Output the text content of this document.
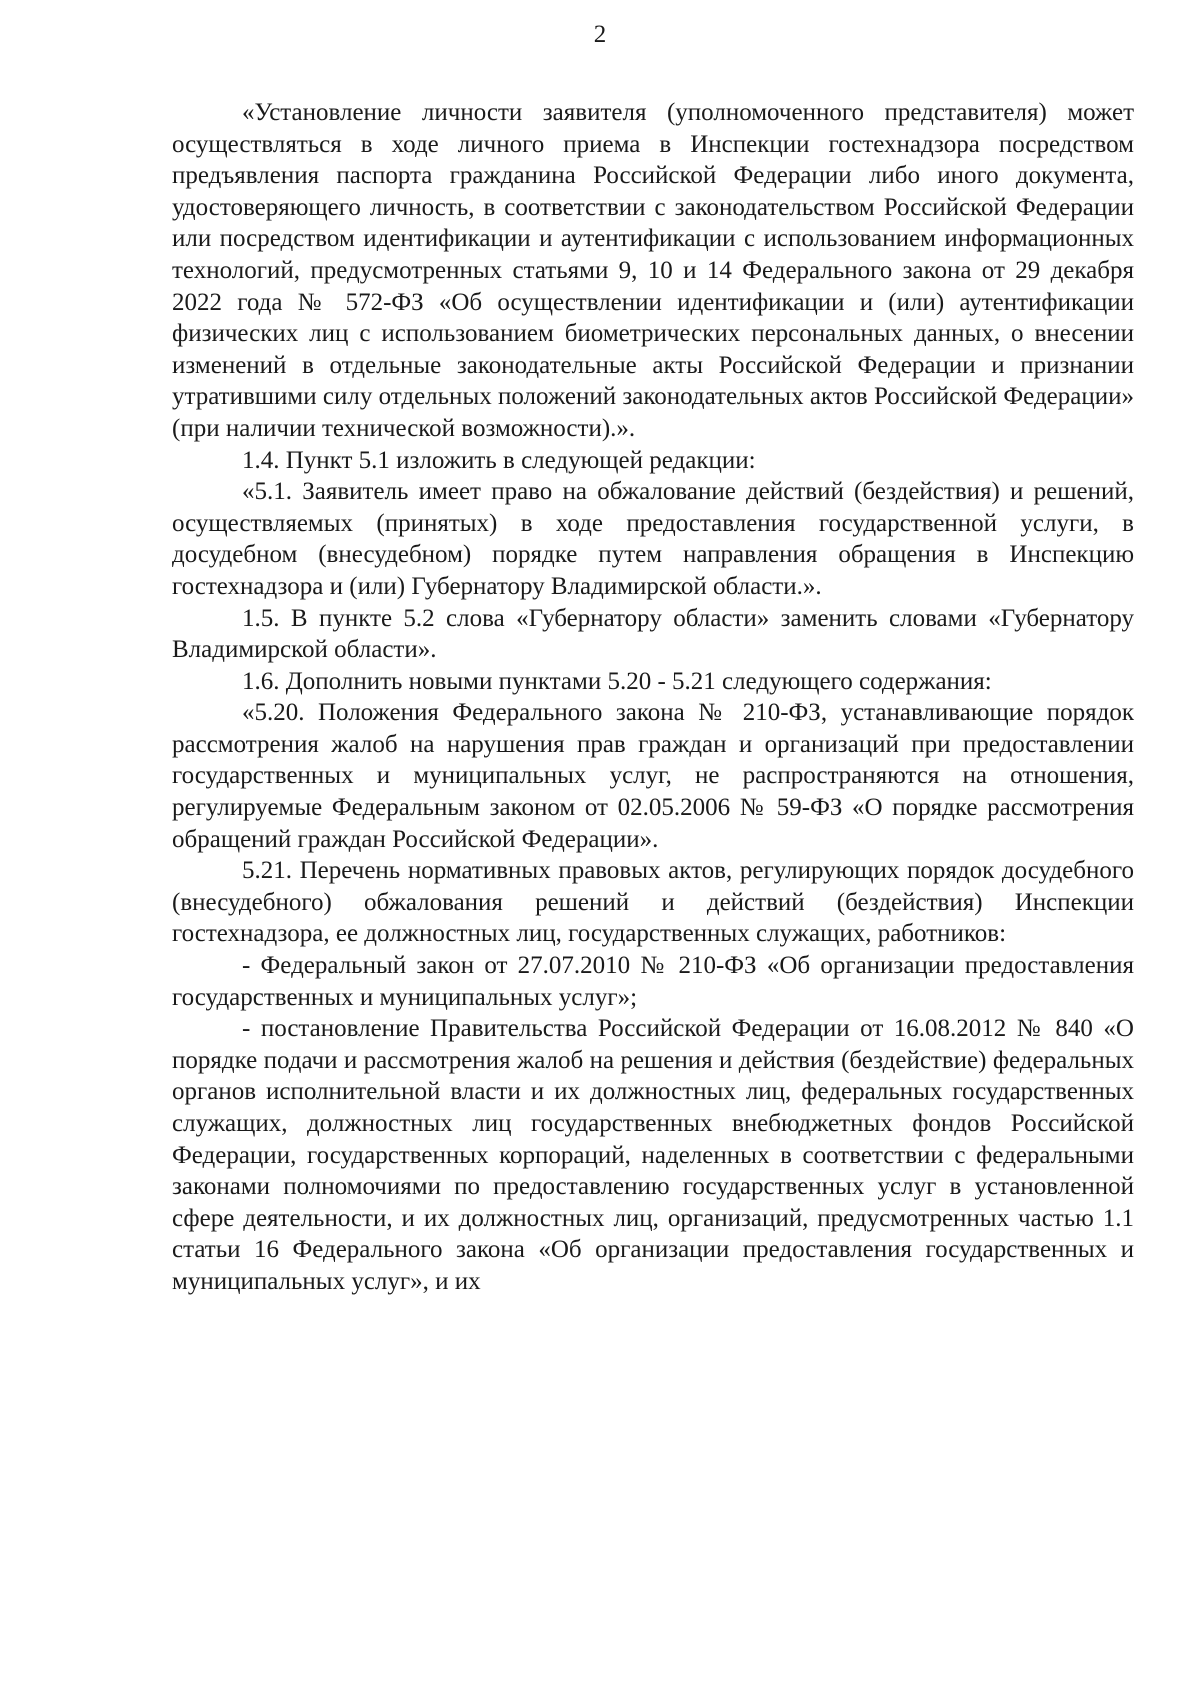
2

«Установление личности заявителя (уполномоченного представителя) может осуществляться в ходе личного приема в Инспекции гостехнадзора посредством предъявления паспорта гражданина Российской Федерации либо иного документа, удостоверяющего личность, в соответствии с законодательством Российской Федерации или посредством идентификации и аутентификации с использованием информационных технологий, предусмотренных статьями 9, 10 и 14 Федерального закона от 29 декабря 2022 года № 572-ФЗ «Об осуществлении идентификации и (или) аутентификации физических лиц с использованием биометрических персональных данных, о внесении изменений в отдельные законодательные акты Российской Федерации и признании утратившими силу отдельных положений законодательных актов Российской Федерации» (при наличии технической возможности).».

1.4. Пункт 5.1 изложить в следующей редакции:

«5.1. Заявитель имеет право на обжалование действий (бездействия) и решений, осуществляемых (принятых) в ходе предоставления государственной услуги, в досудебном (внесудебном) порядке путем направления обращения в Инспекцию гостехнадзора и (или) Губернатору Владимирской области.».

1.5. В пункте 5.2 слова «Губернатору области» заменить словами «Губернатору Владимирской области».

1.6. Дополнить новыми пунктами 5.20 - 5.21 следующего содержания:

«5.20. Положения Федерального закона № 210-ФЗ, устанавливающие порядок рассмотрения жалоб на нарушения прав граждан и организаций при предоставлении государственных и муниципальных услуг, не распространяются на отношения, регулируемые Федеральным законом от 02.05.2006 № 59-ФЗ «О порядке рассмотрения обращений граждан Российской Федерации».

5.21. Перечень нормативных правовых актов, регулирующих порядок досудебного (внесудебного) обжалования решений и действий (бездействия) Инспекции гостехнадзора, ее должностных лиц, государственных служащих, работников:

- Федеральный закон от 27.07.2010 № 210-ФЗ «Об организации предоставления государственных и муниципальных услуг»;

- постановление Правительства Российской Федерации от 16.08.2012 № 840 «О порядке подачи и рассмотрения жалоб на решения и действия (бездействие) федеральных органов исполнительной власти и их должностных лиц, федеральных государственных служащих, должностных лиц государственных внебюджетных фондов Российской Федерации, государственных корпораций, наделенных в соответствии с федеральными законами полномочиями по предоставлению государственных услуг в установленной сфере деятельности, и их должностных лиц, организаций, предусмотренных частью 1.1 статьи 16 Федерального закона «Об организации предоставления государственных и муниципальных услуг», и их
